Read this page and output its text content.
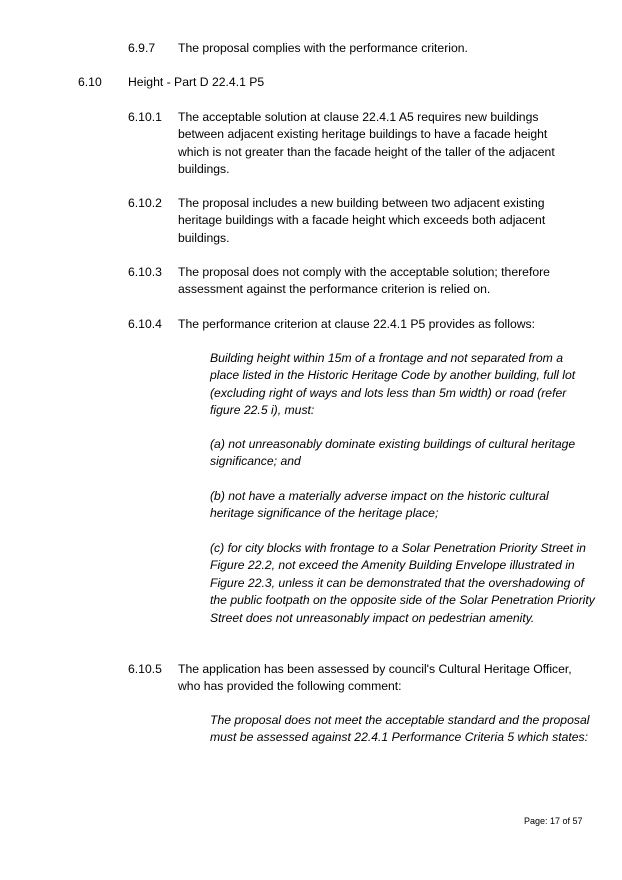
6.9.7 The proposal complies with the performance criterion.
6.10 Height - Part D 22.4.1 P5
6.10.1 The acceptable solution at clause 22.4.1 A5 requires new buildings between adjacent existing heritage buildings to have a facade height which is not greater than the facade height of the taller of the adjacent buildings.
6.10.2 The proposal includes a new building between two adjacent existing heritage buildings with a facade height which exceeds both adjacent buildings.
6.10.3 The proposal does not comply with the acceptable solution; therefore assessment against the performance criterion is relied on.
6.10.4 The performance criterion at clause 22.4.1 P5 provides as follows:
Building height within 15m of a frontage and not separated from a place listed in the Historic Heritage Code by another building, full lot (excluding right of ways and lots less than 5m width) or road (refer figure 22.5 i), must:
(a) not unreasonably dominate existing buildings of cultural heritage significance; and
(b) not have a materially adverse impact on the historic cultural heritage significance of the heritage place;
(c) for city blocks with frontage to a Solar Penetration Priority Street in Figure 22.2, not exceed the Amenity Building Envelope illustrated in Figure 22.3, unless it can be demonstrated that the overshadowing of the public footpath on the opposite side of the Solar Penetration Priority Street does not unreasonably impact on pedestrian amenity.
6.10.5 The application has been assessed by council's Cultural Heritage Officer, who has provided the following comment:
The proposal does not meet the acceptable standard and the proposal must be assessed against 22.4.1 Performance Criteria 5 which states:
Page: 17 of 57
